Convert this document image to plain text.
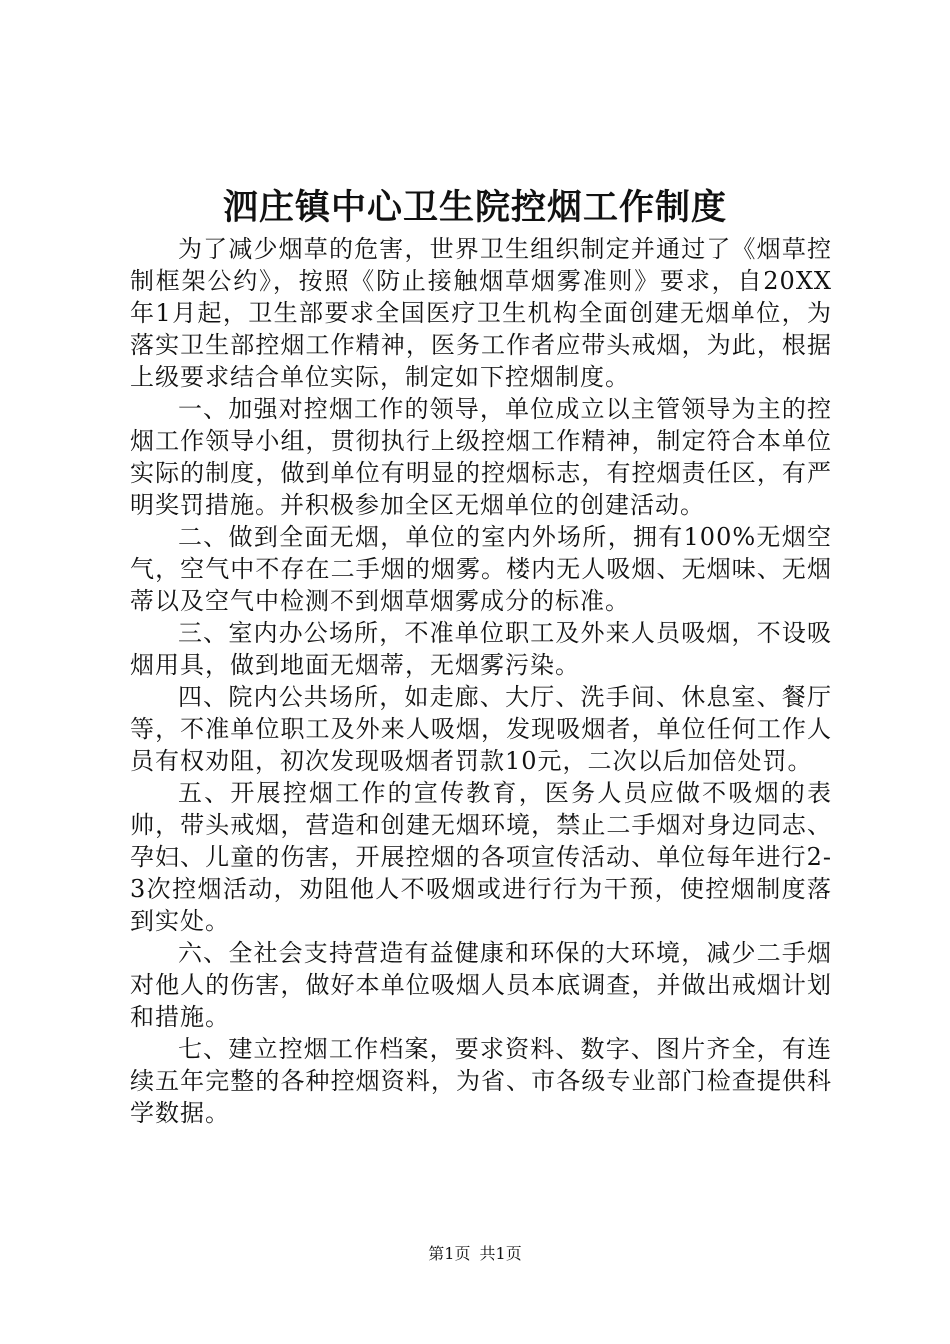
泗庄镇中心卫生院控烟工作制度

为了减少烟草的危害，世界卫生组织制定并通过了《烟草控制框架公约》，按照《防止接触烟草烟雾准则》要求，自20XX年1月起，卫生部要求全国医疗卫生机构全面创建无烟单位，为落实卫生部控烟工作精神，医务工作者应带头戒烟，为此，根据上级要求结合单位实际，制定如下控烟制度。

一、加强对控烟工作的领导，单位成立以主管领导为主的控烟工作领导小组，贯彻执行上级控烟工作精神，制定符合本单位实际的制度，做到单位有明显的控烟标志，有控烟责任区，有严明奖罚措施。并积极参加全区无烟单位的创建活动。

二、做到全面无烟，单位的室内外场所，拥有100%无烟空气，空气中不存在二手烟的烟雾。楼内无人吸烟、无烟味、无烟蒂以及空气中检测不到烟草烟雾成分的标准。

三、室内办公场所，不准单位职工及外来人员吸烟，不设吸烟用具，做到地面无烟蒂，无烟雾污染。

四、院内公共场所，如走廊、大厅、洗手间、休息室、餐厅等，不准单位职工及外来人吸烟，发现吸烟者，单位任何工作人员有权劝阻，初次发现吸烟者罚款10元，二次以后加倍处罚。

五、开展控烟工作的宣传教育，医务人员应做不吸烟的表帅，带头戒烟，营造和创建无烟环境，禁止二手烟对身边同志、孕妇、儿童的伤害，开展控烟的各项宣传活动、单位每年进行2-3次控烟活动，劝阻他人不吸烟或进行行为干预，使控烟制度落到实处。

六、全社会支持营造有益健康和环保的大环境，减少二手烟对他人的伤害，做好本单位吸烟人员本底调查，并做出戒烟计划和措施。

七、建立控烟工作档案，要求资料、数字、图片齐全，有连续五年完整的各种控烟资料，为省、市各级专业部门检查提供科学数据。

第1页 共1页
